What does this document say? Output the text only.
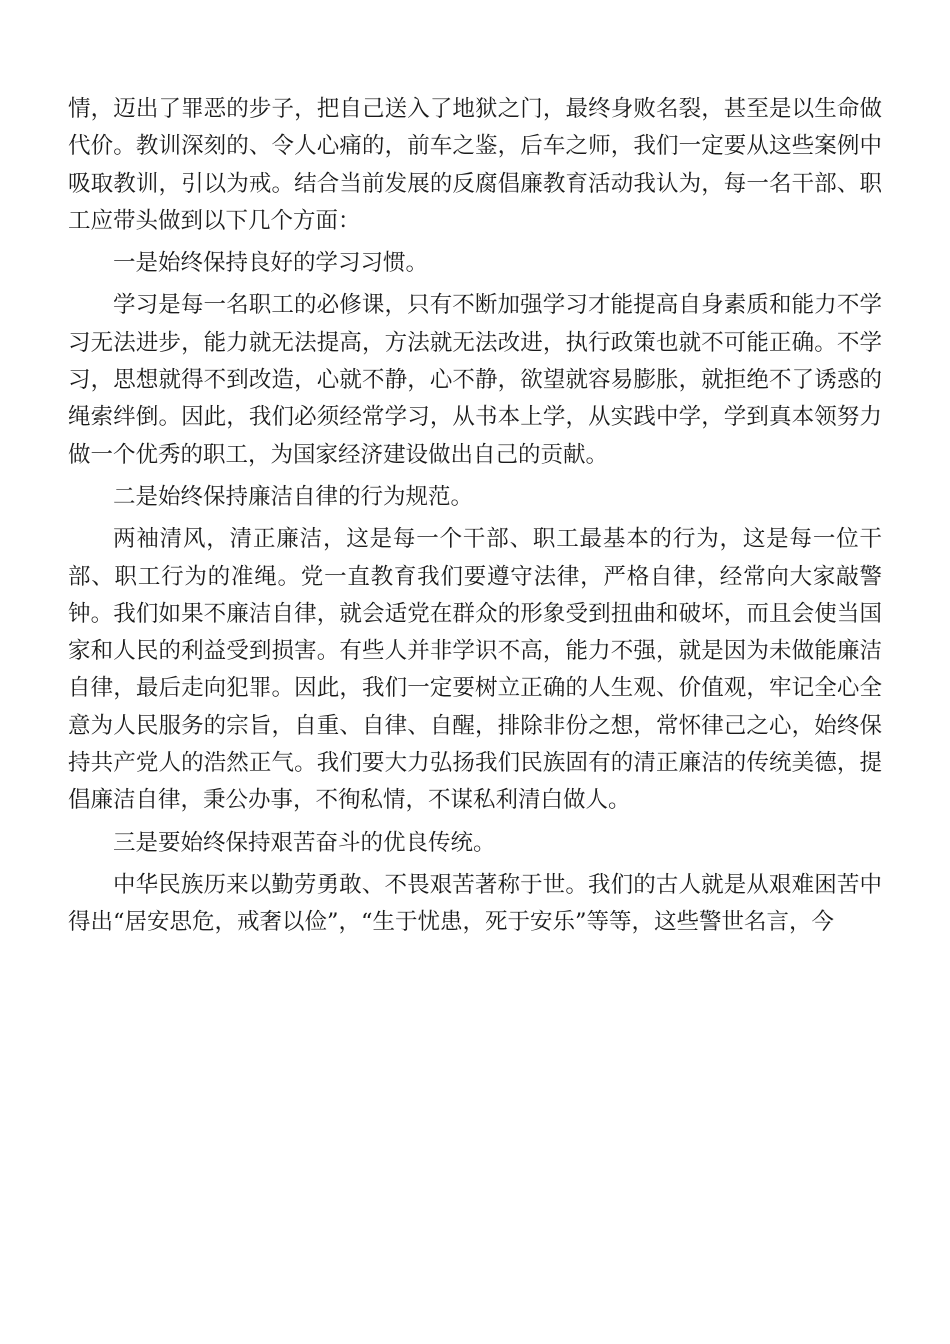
情，迈出了罪恶的步子，把自己送入了地狱之门，最终身败名裂，甚至是以生命做代价。教训深刻的、令人心痛的，前车之鉴，后车之师，我们一定要从这些案例中吸取教训，引以为戒。结合当前发展的反腐倡廉教育活动我认为，每一名干部、职工应带头做到以下几个方面：

一是始终保持良好的学习习惯。

学习是每一名职工的必修课，只有不断加强学习才能提高自身素质和能力不学习无法进步，能力就无法提高，方法就无法改进，执行政策也就不可能正确。不学习，思想就得不到改造，心就不静，心不静，欲望就容易膨胀，就拒绝不了诱惑的绳索绊倒。因此，我们必须经常学习，从书本上学，从实践中学，学到真本领努力做一个优秀的职工，为国家经济建设做出自己的贡献。

二是始终保持廉洁自律的行为规范。

两袖清风，清正廉洁，这是每一个干部、职工最基本的行为，这是每一位干部、职工行为的准绳。党一直教育我们要遵守法律，严格自律，经常向大家敲警钟。我们如果不廉洁自律，就会适党在群众的形象受到扭曲和破坏，而且会使当国家和人民的利益受到损害。有些人并非学识不高，能力不强，就是因为未做能廉洁自律，最后走向犯罪。因此，我们一定要树立正确的人生观、价值观，牢记全心全意为人民服务的宗旨，自重、自律、自醒，排除非份之想，常怀律己之心，始终保持共产党人的浩然正气。我们要大力弘扬我们民族固有的清正廉洁的传统美德，提倡廉洁自律，秉公办事，不徇私情，不谋私利清白做人。

三是要始终保持艰苦奋斗的优良传统。

中华民族历来以勤劳勇敢、不畏艰苦著称于世。我们的古人就是从艰难困苦中得出“居安思危，戒奢以俭”，“生于忧患，死于安乐”等等，这些警世名言，今
